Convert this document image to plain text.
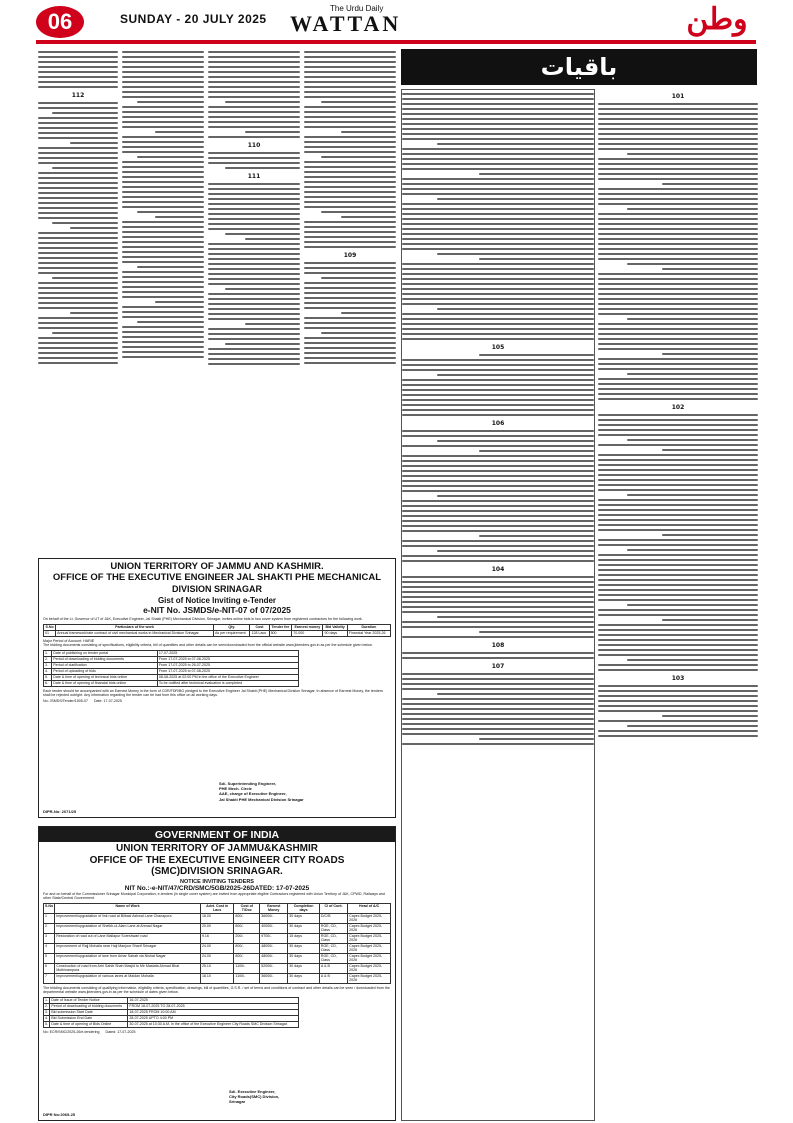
06	SUNDAY - 20 JULY 2025
The Urdu Daily
WATTAN	وطن
باقیات
101
102
103
105
106
104
108
107
109
110
111
112
UNION TERRITORY OF JAMMU AND KASHMIR.
OFFICE OF THE EXECUTIVE ENGINEER JAL SHAKTI PHE MECHANICAL
DIVISION SRINAGAR
Gist of Notice Inviting e-Tender
e-NIT No. JSMDS/e-NIT-07 of 07/2025
On behalf of the Lt. Governor of UT of J&K, Executive Engineer, Jal Shakti (PHE) Mechanical Division, Srinagar, invites online bids in two cover system from registered contractors for the following work.
S.No	Particulars of the work	Qty.	Cost	Tender fee	Earnest money	Bid Validity	Duration
01	Annual framework/rate contract of civil mechanical works in Mechanical Division Srinagar.	As per requirement	128 Lacs	500	70,000	90 days	Financial Year 2025-26
Major Period of Account: HARIE
The bidding documents consisting of specifications, eligibility criteria, bill of quantities and other details can be seen/downloaded from the official website www.jktenders.gov.in as per the schedule given below.
1.	Date of publishing on tender portal	17-07-2025
2.	Period of downloading of bidding documents	From 17-07-2025 to 07-08-2025
3.	Period of clarification	From 17-07-2025 to 26-07-2025
4.	Period of uploading of bids	From 17-07-2025 to 07-08-2025
5.	Date & time of opening of technical bids online	08-08-2025 at 02:00 PM in the office of the Executive Engineer
6.	Date & time of opening of financial bids online	To be notified after technical evaluation is completed
Each tender should be accompanied with an Earnest Money in the form of CDR/FDR/BG pledged to the Executive Engineer Jal Shakti (PHE) Mechanical Division Srinagar. In absence of Earnest Money, the tenders shall be rejected outright. Any information regarding the tender can be had from this office on all working days.
No: JSMDS/Tender/1505-07 Date: 17-07-2025
Sd/- Superintending Engineer,
PHE Mech. Circle
AAE, charge of Executive Engineer,
Jal Shakti PHE Mechanical Division Srinagar
DIPR-No: 2071/25
GOVERNMENT OF INDIA
UNION TERRITORY OF JAMMU&KASHMIR
OFFICE OF THE EXECUTIVE ENGINEER CITY ROADS
(SMC)DIVISION SRINAGAR.
NOTICE INVITING TENDERS
NIT No.:-e-NIT/47/CRD/SMC/5GB/2025-26DATED: 17-07-2025
For and on behalf of the Commissioner Srinagar Municipal Corporation, e-tenders (in single cover system) are invited from appropriate eligible Contractors registered with Union Territory of J&K, CPWD, Railways and other State/Central Government.
S.No	Name of Work	Advt. Cost in Lacs	Cost of T/Doc	Earnest Money	Completion days	Cl of Cont.	Head of A/C
1	Improvement/upgradation of link road at Bilbasi Ashwal Lane Chanapora	18.00	800/-	36000/-	30 days	D/C/B	Capex Budget 2025-2026
2	Improvement/upgradation of Sheikh-ul-Alam Lane at Ahmad Nagar	20.00	800/-	40000/-	30 days	RGE, CD, Class	Capex Budget 2025-2026
3	Restoration of road cut of Lane Mallapur Soreshwari road	9.16	200/-	9700/-	15 days	RGE, CD, Class	Capex Budget 2025-2026
4	Improvement of Rajj Mohalla near Haji Manjoor Sharif Srinagar	24.00	800/-	48000/-	30 days	RGE, CD, Class	Capex Budget 2025-2026
5	Improvement/upgradation of lane from Arbar Sahab via Nishat Nagar	24.00	800/-	48000/-	30 days	RGE, CD, Class	Capex Budget 2025-2026
6	Construction of road from Arhi Sahib Shah Masjid to Mir Mastafa Ahmad Bhat Muthinampura	25.10	1100/-	52000/-	30 days	A & B	Capex Budget 2025-2026
7	Improvement/upgradation of various lanes at Maidan Mohalla	18.10	1100/-	36000/-	30 days	A & B	Capex Budget 2025-2026
The bidding documents consisting of qualifying information, eligibility criteria, specification, drawings, bill of quantities, G.S.R. / set of terms and conditions of contract and other details can be seen / downloaded from the departmental website www.jktenders.gov.in as per the schedule of dates given below.
1.	Date of Issue of Tender Notice	16-07-2025
2.	Period of downloading of bidding documents	FROM 18-07-2025 TO 28-07-2025
3.	Bid submission Start Date	18-07-2025 FROM 10:00 AM
4.	Bid Submission End Date	28-07-2025 UPTO 4:00 PM
5.	Date & time of opening of Bids Online	30-07-2025 at 10:30 A.M. in the office of the Executive Engineer City Roads SMC Division Srinagar.
No: ECR/SMC/2025-26/e-tendering Dated: 17-07-2025
Sd/- Executive Engineer,
City Roads(SMC) Division,
Srinagar
DIPR No:2069-25
